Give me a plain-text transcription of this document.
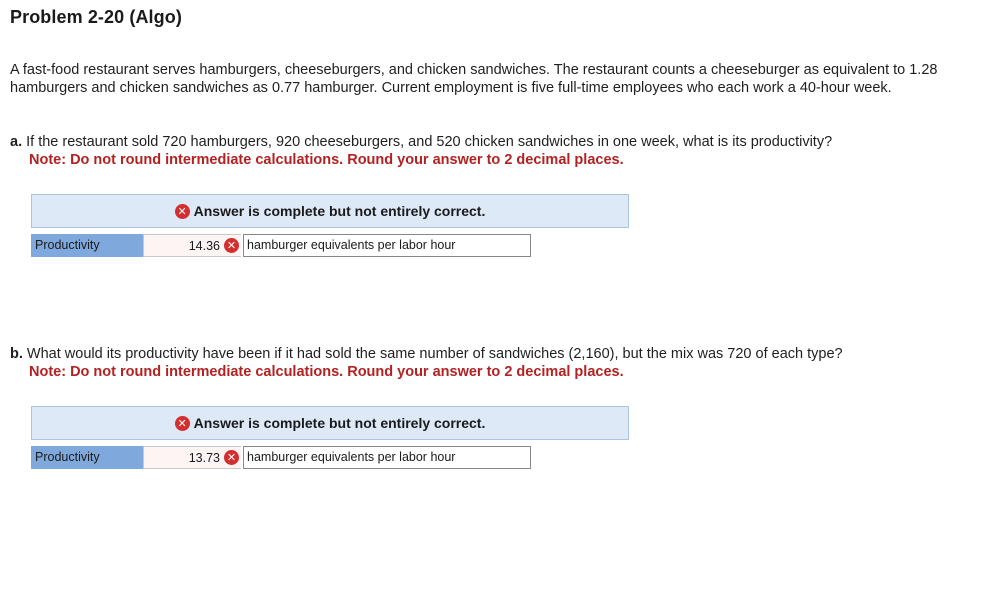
Problem 2-20 (Algo)
A fast-food restaurant serves hamburgers, cheeseburgers, and chicken sandwiches. The restaurant counts a cheeseburger as equivalent to 1.28 hamburgers and chicken sandwiches as 0.77 hamburger. Current employment is five full-time employees who each work a 40-hour week.
a. If the restaurant sold 720 hamburgers, 920 cheeseburgers, and 520 chicken sandwiches in one week, what is its productivity?
Note: Do not round intermediate calculations. Round your answer to 2 decimal places.
✕ Answer is complete but not entirely correct.
Productivity	14.36 ✕ hamburger equivalents per labor hour
b. What would its productivity have been if it had sold the same number of sandwiches (2,160), but the mix was 720 of each type?
Note: Do not round intermediate calculations. Round your answer to 2 decimal places.
✕ Answer is complete but not entirely correct.
Productivity	13.73 ✕ hamburger equivalents per labor hour
